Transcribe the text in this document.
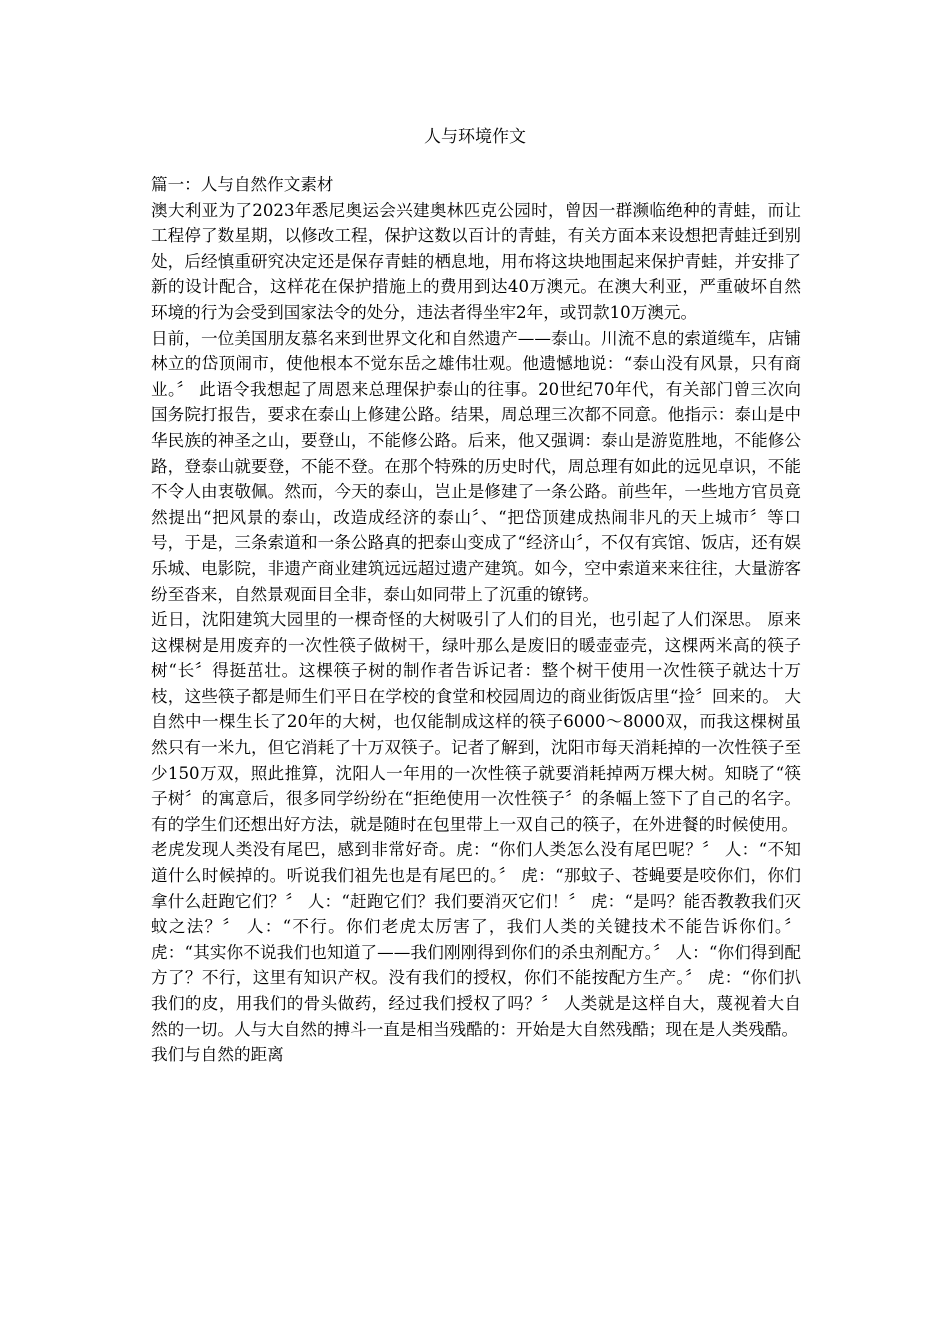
人与环境作文

篇一：人与自然作文素材

澳大利亚为了2023年悉尼奥运会兴建奥林匹克公园时，曾因一群濒临绝种的青蛙，而让工程停了数星期，以修改工程，保护这数以百计的青蛙，有关方面本来设想把青蛙迁到别处，后经慎重研究决定还是保存青蛙的栖息地，用布将这块地围起来保护青蛙，并安排了新的设计配合，这样花在保护措施上的费用到达40万澳元。在澳大利亚，严重破坏自然环境的行为会受到国家法令的处分，违法者得坐牢2年，或罚款10万澳元。

日前，一位美国朋友慕名来到世界文化和自然遗产——泰山。川流不息的索道缆车，店铺林立的岱顶闹市，使他根本不觉东岳之雄伟壮观。他遗憾地说：“泰山没有风景，只有商业。〞 此语令我想起了周恩来总理保护泰山的往事。20世纪70年代，有关部门曾三次向国务院打报告，要求在泰山上修建公路。结果，周总理三次都不同意。他指示：泰山是中华民族的神圣之山，要登山，不能修公路。后来，他又强调：泰山是游览胜地，不能修公路，登泰山就要登，不能不登。在那个特殊的历史时代，周总理有如此的远见卓识，不能不令人由衷敬佩。然而，今天的泰山，岂止是修建了一条公路。前些年，一些地方官员竟然提出“把风景的泰山，改造成经济的泰山〞、“把岱顶建成热闹非凡的天上城市〞等口号，于是，三条索道和一条公路真的把泰山变成了“经济山〞，不仅有宾馆、饭店，还有娱乐城、电影院，非遗产商业建筑远远超过遗产建筑。如今，空中索道来来往往，大量游客纷至沓来，自然景观面目全非，泰山如同带上了沉重的镣铐。

近日，沈阳建筑大园里的一棵奇怪的大树吸引了人们的目光，也引起了人们深思。 原来这棵树是用废弃的一次性筷子做树干，绿叶那么是废旧的暖壶壶壳，这棵两米高的筷子树“长〞得挺茁壮。这棵筷子树的制作者告诉记者：整个树干使用一次性筷子就达十万枝，这些筷子都是师生们平日在学校的食堂和校园周边的商业街饭店里“捡〞回来的。 大自然中一棵生长了20年的大树，也仅能制成这样的筷子6000～8000双，而我这棵树虽然只有一米九，但它消耗了十万双筷子。记者了解到，沈阳市每天消耗掉的一次性筷子至少150万双，照此推算，沈阳人一年用的一次性筷子就要消耗掉两万棵大树。知晓了“筷子树〞的寓意后，很多同学纷纷在“拒绝使用一次性筷子〞的条幅上签下了自己的名字。有的学生们还想出好方法，就是随时在包里带上一双自己的筷子，在外进餐的时候使用。

老虎发现人类没有尾巴，感到非常好奇。虎：“你们人类怎么没有尾巴呢？〞 人：“不知道什么时候掉的。听说我们祖先也是有尾巴的。〞 虎：“那蚊子、苍蝇要是咬你们，你们拿什么赶跑它们？〞 人：“赶跑它们？我们要消灭它们！〞 虎：“是吗？能否教教我们灭蚊之法？〞 人：“不行。你们老虎太厉害了，我们人类的关键技术不能告诉你们。〞 虎：“其实你不说我们也知道了——我们刚刚得到你们的杀虫剂配方。〞 人：“你们得到配方了？不行，这里有知识产权。没有我们的授权，你们不能按配方生产。〞 虎：“你们扒我们的皮，用我们的骨头做药，经过我们授权了吗？〞 人类就是这样自大，蔑视着大自然的一切。人与大自然的搏斗一直是相当残酷的：开始是大自然残酷；现在是人类残酷。

我们与自然的距离
